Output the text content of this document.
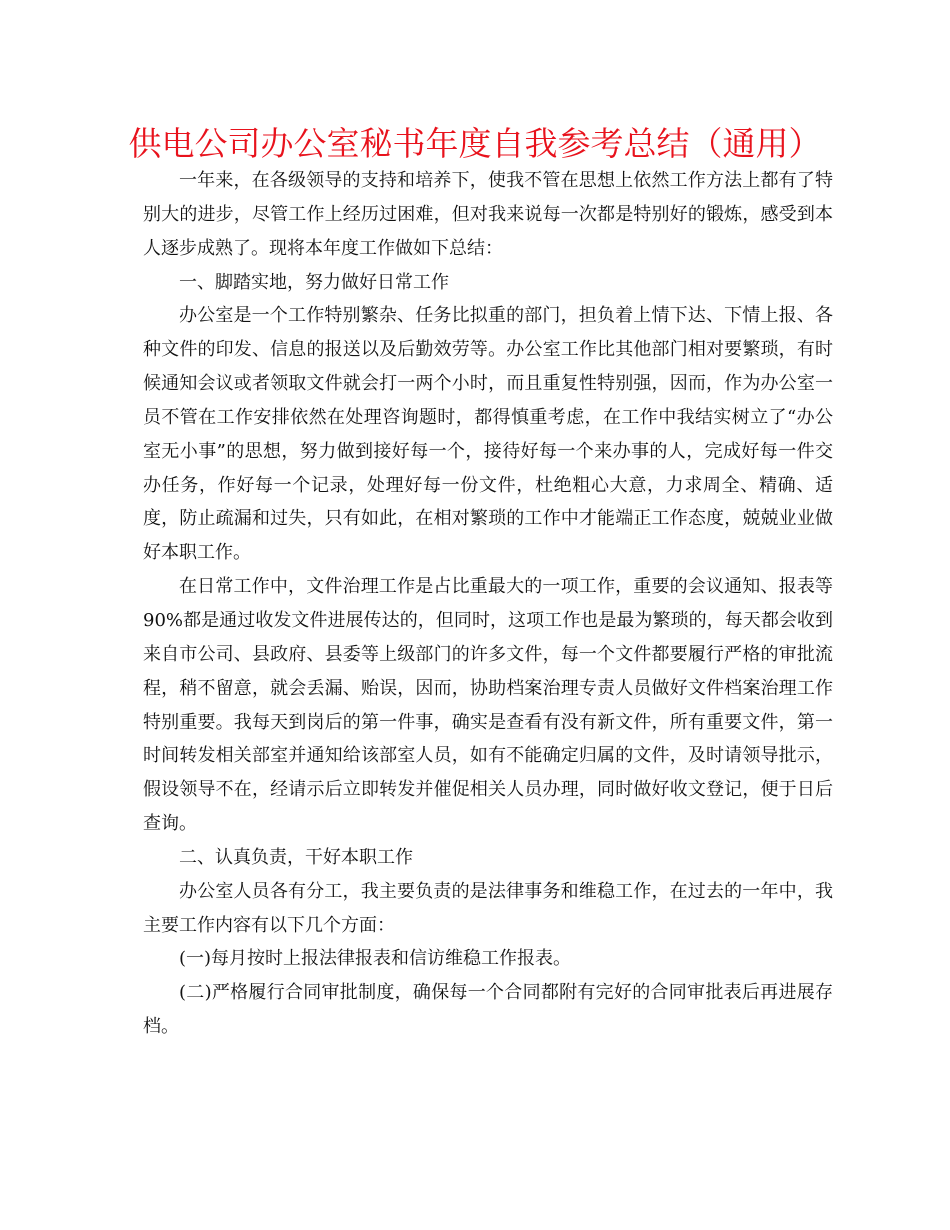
供电公司办公室秘书年度自我参考总结（通用）

一年来，在各级领导的支持和培养下，使我不管在思想上依然工作方法上都有了特别大的进步，尽管工作上经历过困难，但对我来说每一次都是特别好的锻炼，感受到本人逐步成熟了。现将本年度工作做如下总结：

一、脚踏实地，努力做好日常工作

办公室是一个工作特别繁杂、任务比拟重的部门，担负着上情下达、下情上报、各种文件的印发、信息的报送以及后勤效劳等。办公室工作比其他部门相对要繁琐，有时候通知会议或者领取文件就会打一两个小时，而且重复性特别强，因而，作为办公室一员不管在工作安排依然在处理咨询题时，都得慎重考虑，在工作中我结实树立了“办公室无小事”的思想，努力做到接好每一个，接待好每一个来办事的人，完成好每一件交办任务，作好每一个记录，处理好每一份文件，杜绝粗心大意，力求周全、精确、适度，防止疏漏和过失，只有如此，在相对繁琐的工作中才能端正工作态度，兢兢业业做好本职工作。

在日常工作中，文件治理工作是占比重最大的一项工作，重要的会议通知、报表等90%都是通过收发文件进展传达的，但同时，这项工作也是最为繁琐的，每天都会收到来自市公司、县政府、县委等上级部门的许多文件，每一个文件都要履行严格的审批流程，稍不留意，就会丢漏、贻误，因而，协助档案治理专责人员做好文件档案治理工作特别重要。我每天到岗后的第一件事，确实是查看有没有新文件，所有重要文件，第一时间转发相关部室并通知给该部室人员，如有不能确定归属的文件，及时请领导批示，假设领导不在，经请示后立即转发并催促相关人员办理，同时做好收文登记，便于日后查询。

二、认真负责，干好本职工作

办公室人员各有分工，我主要负责的是法律事务和维稳工作，在过去的一年中，我主要工作内容有以下几个方面：

(一)每月按时上报法律报表和信访维稳工作报表。

(二)严格履行合同审批制度，确保每一个合同都附有完好的合同审批表后再进展存档。
